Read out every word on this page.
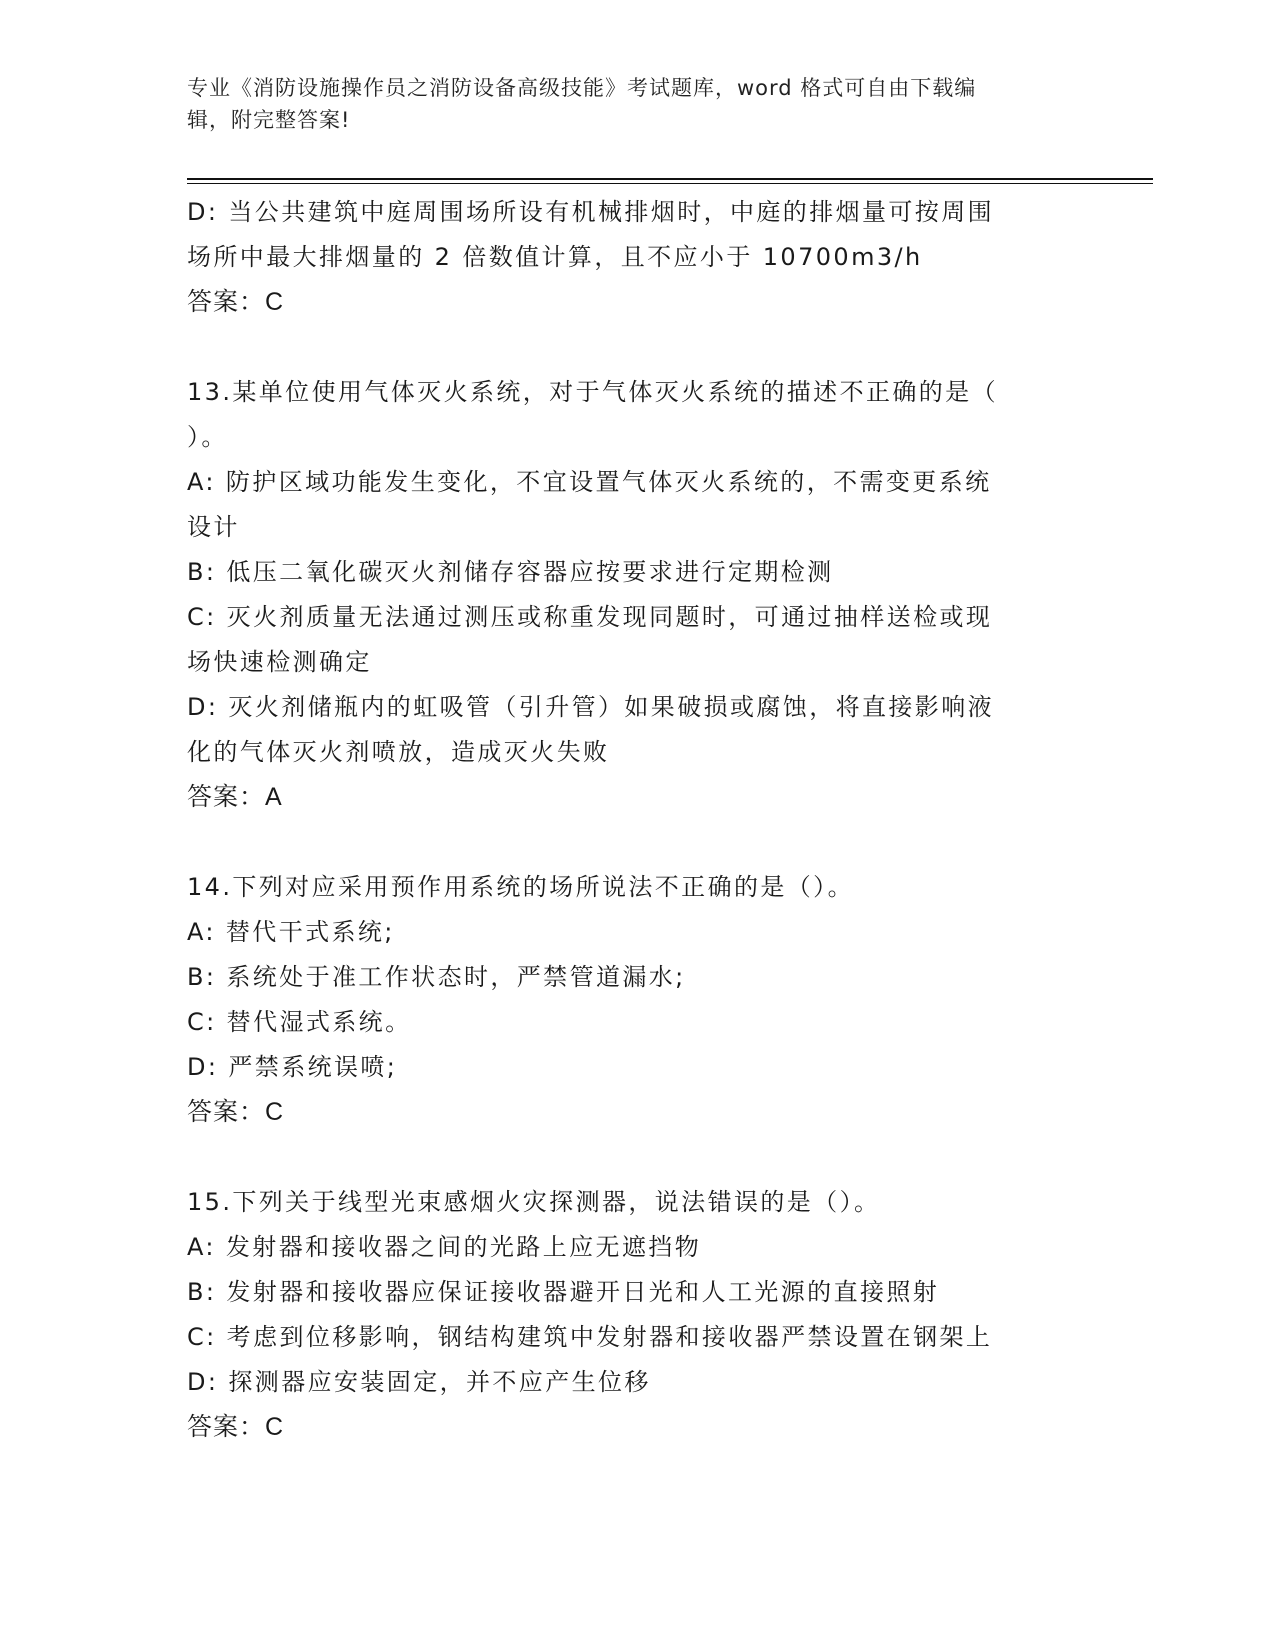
专业《消防设施操作员之消防设备高级技能》考试题库，word 格式可自由下载编
辑，附完整答案!
D: 当公共建筑中庭周围场所设有机械排烟时，中庭的排烟量可按周围
场所中最大排烟量的 2 倍数值计算，且不应小于 10700m3/h
答案：C
13.某单位使用气体灭火系统，对于气体灭火系统的描述不正确的是（
）。
A: 防护区域功能发生变化，不宜设置气体灭火系统的，不需变更系统
设计
B: 低压二氧化碳灭火剂储存容器应按要求进行定期检测
C: 灭火剂质量无法通过测压或称重发现同题时，可通过抽样送检或现
场快速检测确定
D: 灭火剂储瓶内的虹吸管（引升管）如果破损或腐蚀，将直接影响液
化的气体灭火剂喷放，造成灭火失败
答案：A
14.下列对应采用预作用系统的场所说法不正确的是（）。
A: 替代干式系统;
B: 系统处于准工作状态时，严禁管道漏水;
C: 替代湿式系统。
D: 严禁系统误喷;
答案：C
15.下列关于线型光束感烟火灾探测器，说法错误的是（）。
A: 发射器和接收器之间的光路上应无遮挡物
B: 发射器和接收器应保证接收器避开日光和人工光源的直接照射
C: 考虑到位移影响，钢结构建筑中发射器和接收器严禁设置在钢架上
D: 探测器应安装固定，并不应产生位移
答案：C
